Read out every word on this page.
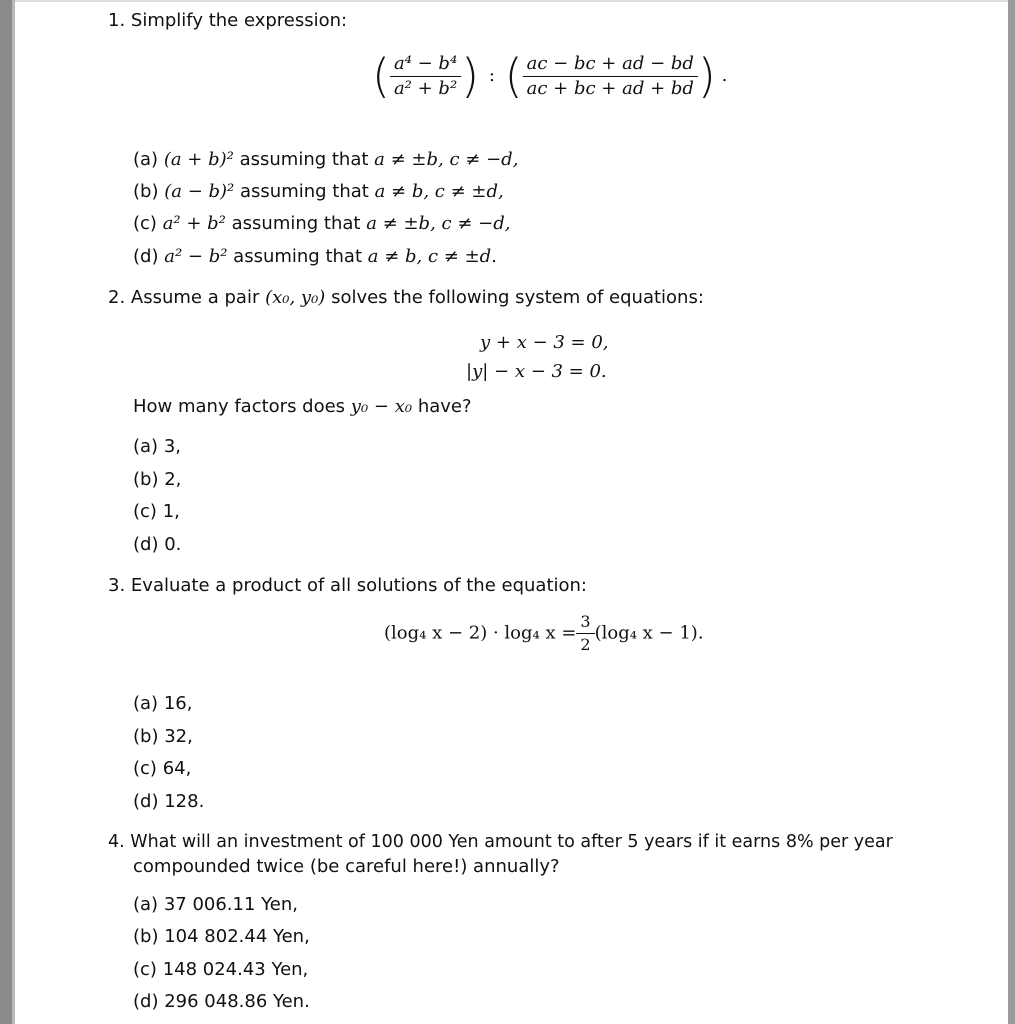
1. Simplify the expression:
( $\frac{\text{a⁴ − b⁴}}{\text{a² + b²}}$ ) : ( $\frac{ac - bc + ad - bd}{ac + bc + ad + bd}$ ) .
(a) (a + b)² assuming that a ≠ ±b, c ≠ −d,
(b) (a − b)² assuming that a ≠ b, c ≠ ±d,
(c) a² + b² assuming that a ≠ ±b, c ≠ −d,
(d) a² − b² assuming that a ≠ b, c ≠ ±d.
2. Assume a pair (x₀, y₀) solves the following system of equations:
y + x − 3 = 0,
|y| − x − 3 = 0.
How many factors does y₀ − x₀ have?
(a) 3,
(b) 2,
(c) 1,
(d) 0.
3. Evaluate a product of all solutions of the equation:
(log₄ x − 2) · log₄ $x = \frac{3}{2} (\log_4$ x − 1).
(a) 16,
(b) 32,
(c) 64,
(d) 128.
4. What will an investment of 100 000 Yen amount to after 5 years if it earns 8% per year
compounded twice (be careful here!) annually?
(a) 37 006.11 Yen,
(b) 104 802.44 Yen,
(c) 148 024.43 Yen,
(d) 296 048.86 Yen.
